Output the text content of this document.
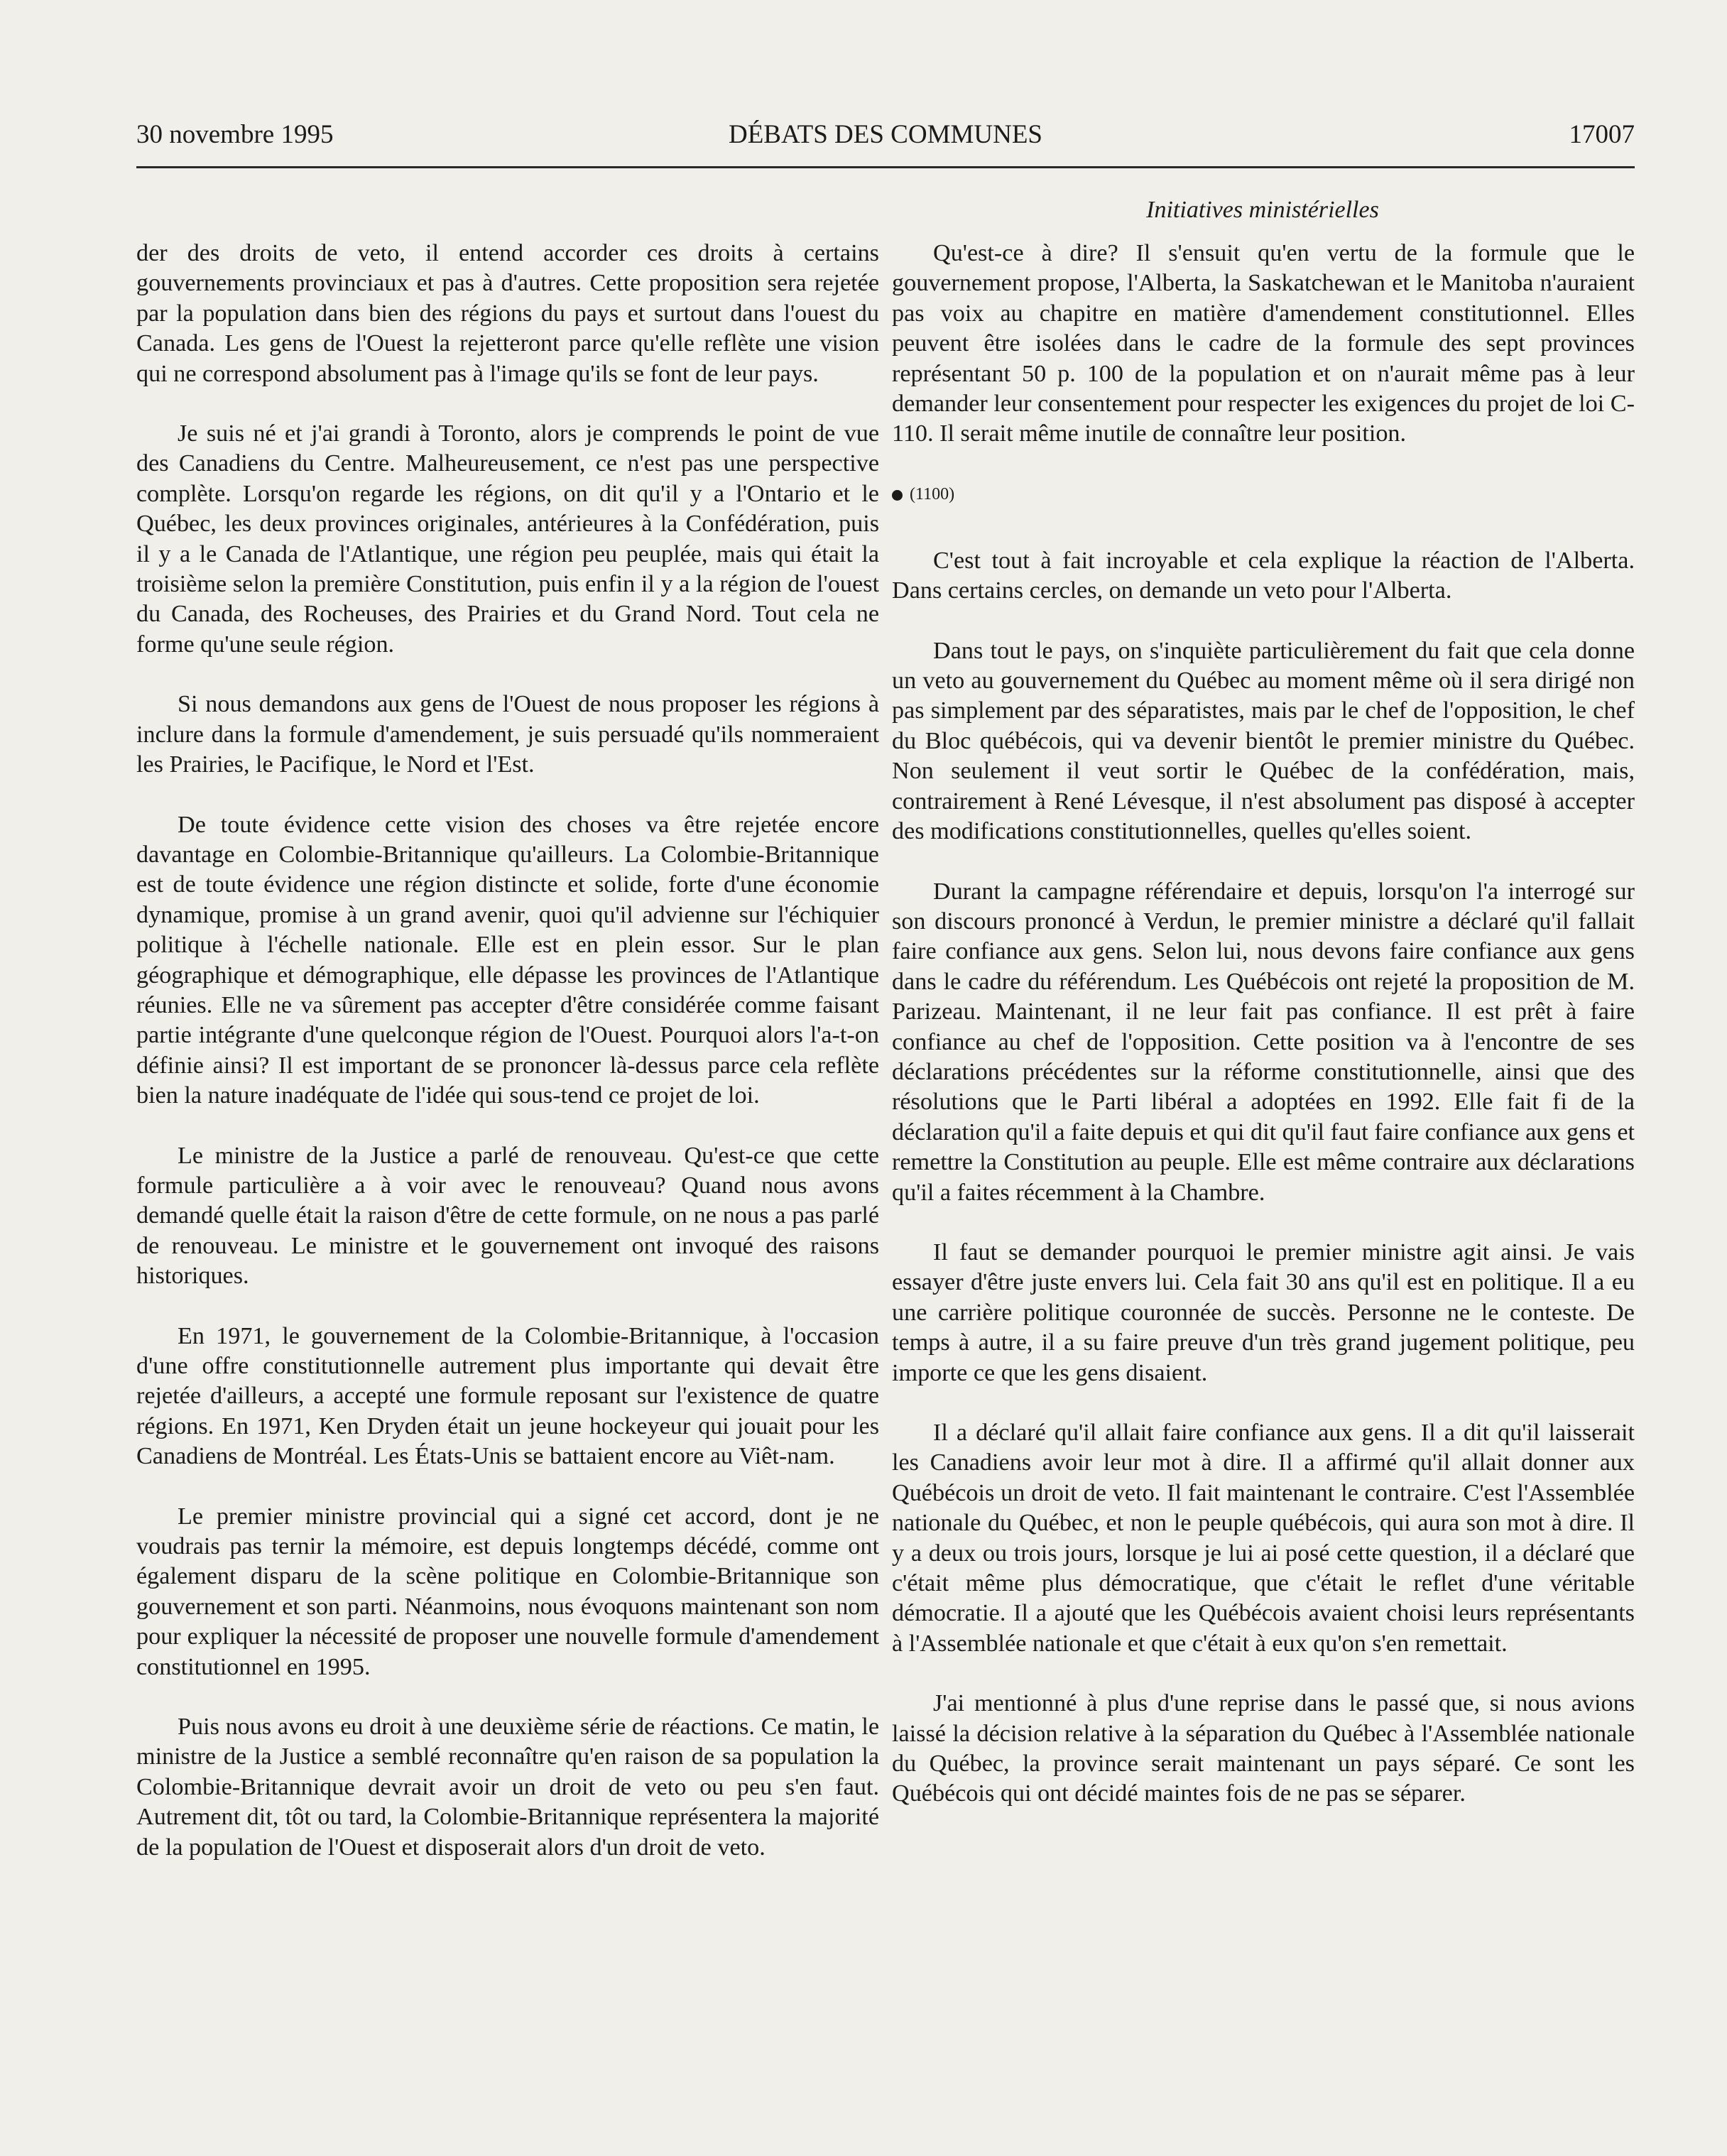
30 novembre 1995	DÉBATS DES COMMUNES	17007
Initiatives ministérielles

der des droits de veto, il entend accorder ces droits à certains gouvernements provinciaux et pas à d'autres. Cette proposition sera rejetée par la population dans bien des régions du pays et surtout dans l'ouest du Canada. Les gens de l'Ouest la rejetteront parce qu'elle reflète une vision qui ne correspond absolument pas à l'image qu'ils se font de leur pays.

Je suis né et j'ai grandi à Toronto, alors je comprends le point de vue des Canadiens du Centre. Malheureusement, ce n'est pas une perspective complète. Lorsqu'on regarde les régions, on dit qu'il y a l'Ontario et le Québec, les deux provinces originales, antérieures à la Confédération, puis il y a le Canada de l'Atlantique, une région peu peuplée, mais qui était la troisième selon la première Constitution, puis enfin il y a la région de l'ouest du Canada, des Rocheuses, des Prairies et du Grand Nord. Tout cela ne forme qu'une seule région.

Si nous demandons aux gens de l'Ouest de nous proposer les régions à inclure dans la formule d'amendement, je suis persuadé qu'ils nommeraient les Prairies, le Pacifique, le Nord et l'Est.

De toute évidence cette vision des choses va être rejetée encore davantage en Colombie-Britannique qu'ailleurs. La Colombie-Britannique est de toute évidence une région distincte et solide, forte d'une économie dynamique, promise à un grand avenir, quoi qu'il advienne sur l'échiquier politique à l'échelle nationale. Elle est en plein essor. Sur le plan géographique et démographique, elle dépasse les provinces de l'Atlantique réunies. Elle ne va sûrement pas accepter d'être considérée comme faisant partie intégrante d'une quelconque région de l'Ouest. Pourquoi alors l'a-t-on définie ainsi? Il est important de se prononcer là-dessus parce cela reflète bien la nature inadéquate de l'idée qui sous-tend ce projet de loi.

Le ministre de la Justice a parlé de renouveau. Qu'est-ce que cette formule particulière a à voir avec le renouveau? Quand nous avons demandé quelle était la raison d'être de cette formule, on ne nous a pas parlé de renouveau. Le ministre et le gouvernement ont invoqué des raisons historiques.

En 1971, le gouvernement de la Colombie-Britannique, à l'occasion d'une offre constitutionnelle autrement plus importante qui devait être rejetée d'ailleurs, a accepté une formule reposant sur l'existence de quatre régions. En 1971, Ken Dryden était un jeune hockeyeur qui jouait pour les Canadiens de Montréal. Les États-Unis se battaient encore au Viêt-nam.

Le premier ministre provincial qui a signé cet accord, dont je ne voudrais pas ternir la mémoire, est depuis longtemps décédé, comme ont également disparu de la scène politique en Colombie-Britannique son gouvernement et son parti. Néanmoins, nous évoquons maintenant son nom pour expliquer la nécessité de proposer une nouvelle formule d'amendement constitutionnel en 1995.

Puis nous avons eu droit à une deuxième série de réactions. Ce matin, le ministre de la Justice a semblé reconnaître qu'en raison de sa population la Colombie-Britannique devrait avoir un droit de veto ou peu s'en faut. Autrement dit, tôt ou tard, la Colombie-Britannique représentera la majorité de la population de l'Ouest et disposerait alors d'un droit de veto.

Qu'est-ce à dire? Il s'ensuit qu'en vertu de la formule que le gouvernement propose, l'Alberta, la Saskatchewan et le Manitoba n'auraient pas voix au chapitre en matière d'amendement constitutionnel. Elles peuvent être isolées dans le cadre de la formule des sept provinces représentant 50 p. 100 de la population et on n'aurait même pas à leur demander leur consentement pour respecter les exigences du projet de loi C-110. Il serait même inutile de connaître leur position.

(1100)

C'est tout à fait incroyable et cela explique la réaction de l'Alberta. Dans certains cercles, on demande un veto pour l'Alberta.

Dans tout le pays, on s'inquiète particulièrement du fait que cela donne un veto au gouvernement du Québec au moment même où il sera dirigé non pas simplement par des séparatistes, mais par le chef de l'opposition, le chef du Bloc québécois, qui va devenir bientôt le premier ministre du Québec. Non seulement il veut sortir le Québec de la confédération, mais, contrairement à René Lévesque, il n'est absolument pas disposé à accepter des modifications constitutionnelles, quelles qu'elles soient.

Durant la campagne référendaire et depuis, lorsqu'on l'a interrogé sur son discours prononcé à Verdun, le premier ministre a déclaré qu'il fallait faire confiance aux gens. Selon lui, nous devons faire confiance aux gens dans le cadre du référendum. Les Québécois ont rejeté la proposition de M. Parizeau. Maintenant, il ne leur fait pas confiance. Il est prêt à faire confiance au chef de l'opposition. Cette position va à l'encontre de ses déclarations précédentes sur la réforme constitutionnelle, ainsi que des résolutions que le Parti libéral a adoptées en 1992. Elle fait fi de la déclaration qu'il a faite depuis et qui dit qu'il faut faire confiance aux gens et remettre la Constitution au peuple. Elle est même contraire aux déclarations qu'il a faites récemment à la Chambre.

Il faut se demander pourquoi le premier ministre agit ainsi. Je vais essayer d'être juste envers lui. Cela fait 30 ans qu'il est en politique. Il a eu une carrière politique couronnée de succès. Personne ne le conteste. De temps à autre, il a su faire preuve d'un très grand jugement politique, peu importe ce que les gens disaient.

Il a déclaré qu'il allait faire confiance aux gens. Il a dit qu'il laisserait les Canadiens avoir leur mot à dire. Il a affirmé qu'il allait donner aux Québécois un droit de veto. Il fait maintenant le contraire. C'est l'Assemblée nationale du Québec, et non le peuple québécois, qui aura son mot à dire. Il y a deux ou trois jours, lorsque je lui ai posé cette question, il a déclaré que c'était même plus démocratique, que c'était le reflet d'une véritable démocratie. Il a ajouté que les Québécois avaient choisi leurs représentants à l'Assemblée nationale et que c'était à eux qu'on s'en remettait.

J'ai mentionné à plus d'une reprise dans le passé que, si nous avions laissé la décision relative à la séparation du Québec à l'Assemblée nationale du Québec, la province serait maintenant un pays séparé. Ce sont les Québécois qui ont décidé maintes fois de ne pas se séparer.
